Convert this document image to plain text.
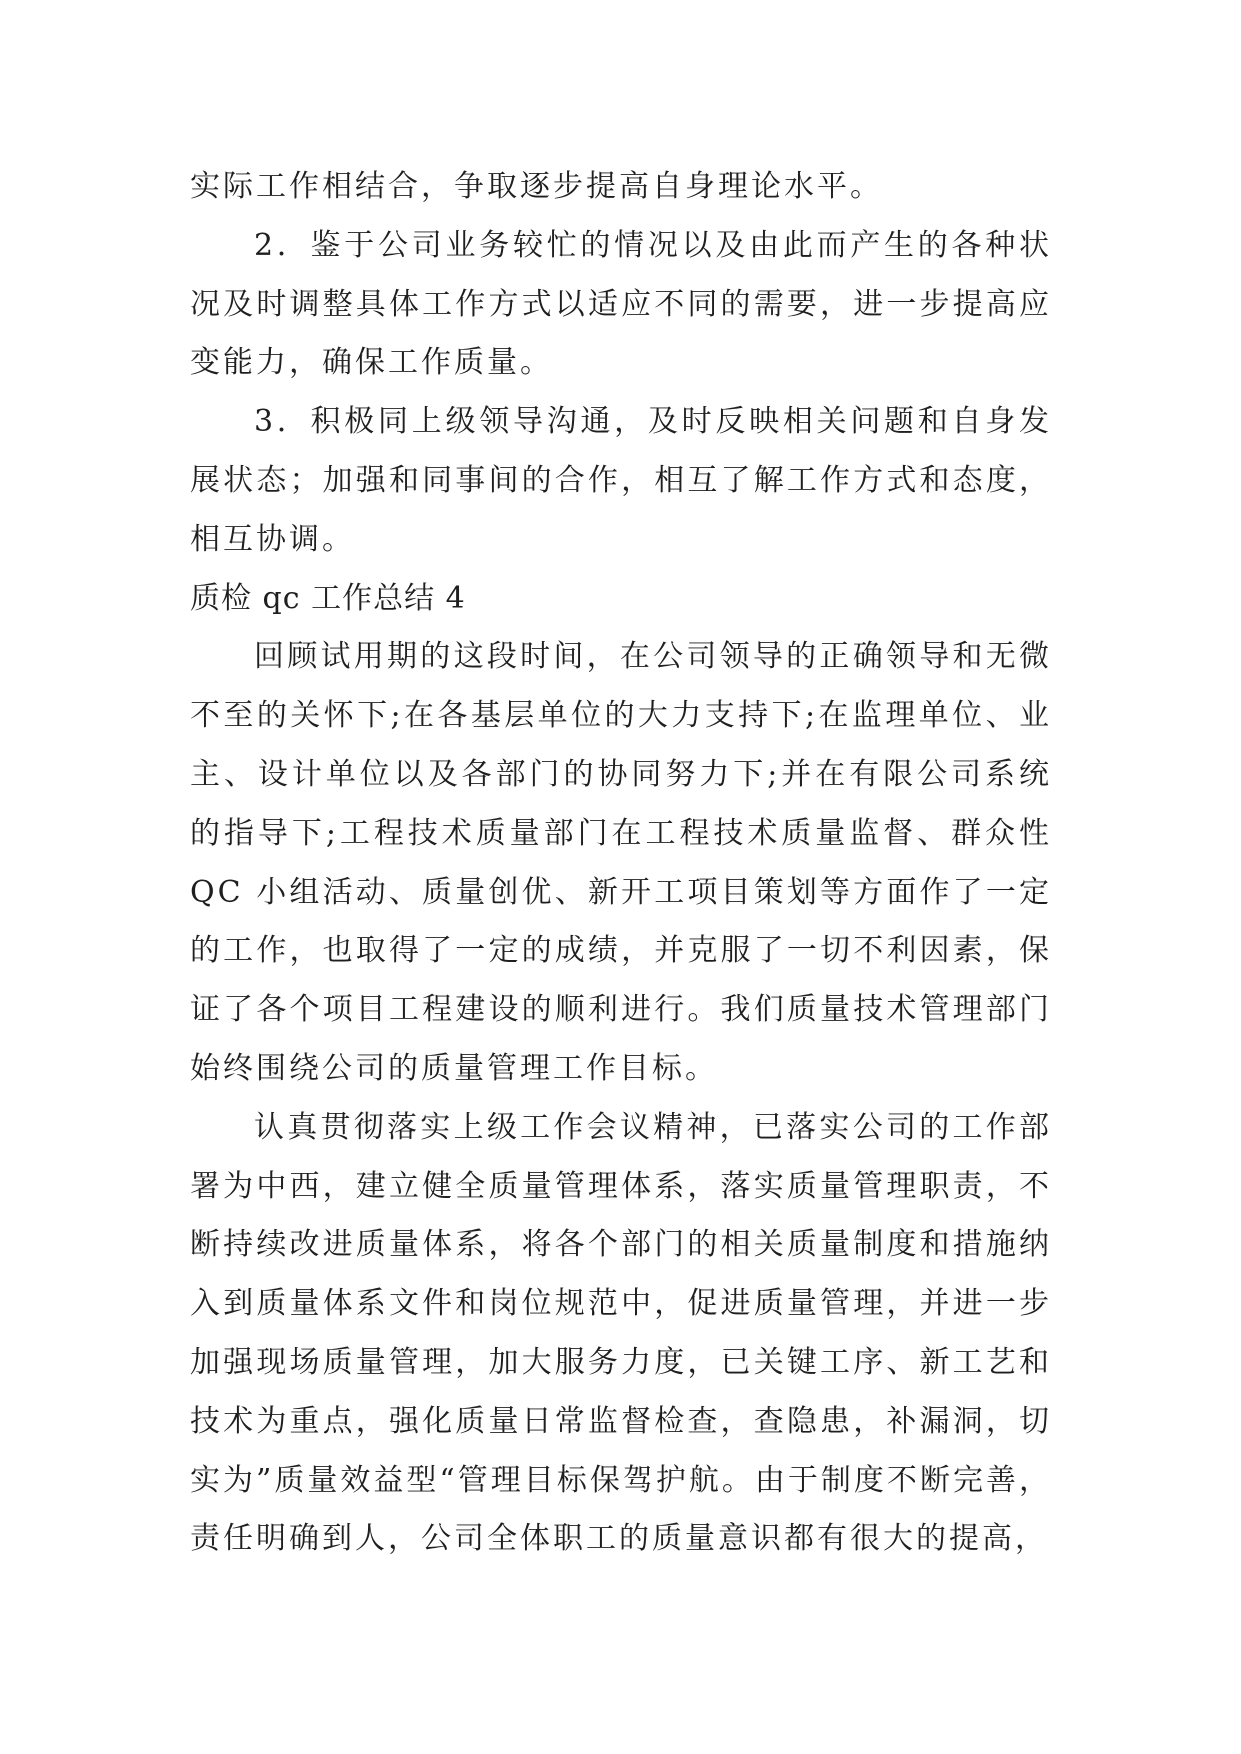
实际工作相结合，争取逐步提高自身理论水平。

2．鉴于公司业务较忙的情况以及由此而产生的各种状况及时调整具体工作方式以适应不同的需要，进一步提高应变能力，确保工作质量。

3．积极同上级领导沟通，及时反映相关问题和自身发展状态；加强和同事间的合作，相互了解工作方式和态度，相互协调。

质检 qc 工作总结 4

回顾试用期的这段时间，在公司领导的正确领导和无微不至的关怀下;在各基层单位的大力支持下;在监理单位、业主、设计单位以及各部门的协同努力下;并在有限公司系统的指导下;工程技术质量部门在工程技术质量监督、群众性QC 小组活动、质量创优、新开工项目策划等方面作了一定的工作，也取得了一定的成绩，并克服了一切不利因素，保证了各个项目工程建设的顺利进行。我们质量技术管理部门始终围绕公司的质量管理工作目标。

认真贯彻落实上级工作会议精神，已落实公司的工作部署为中西，建立健全质量管理体系，落实质量管理职责，不断持续改进质量体系，将各个部门的相关质量制度和措施纳入到质量体系文件和岗位规范中，促进质量管理，并进一步加强现场质量管理，加大服务力度，已关键工序、新工艺和技术为重点，强化质量日常监督检查，查隐患，补漏洞，切实为”质量效益型“管理目标保驾护航。由于制度不断完善，责任明确到人，公司全体职工的质量意识都有很大的提高，
